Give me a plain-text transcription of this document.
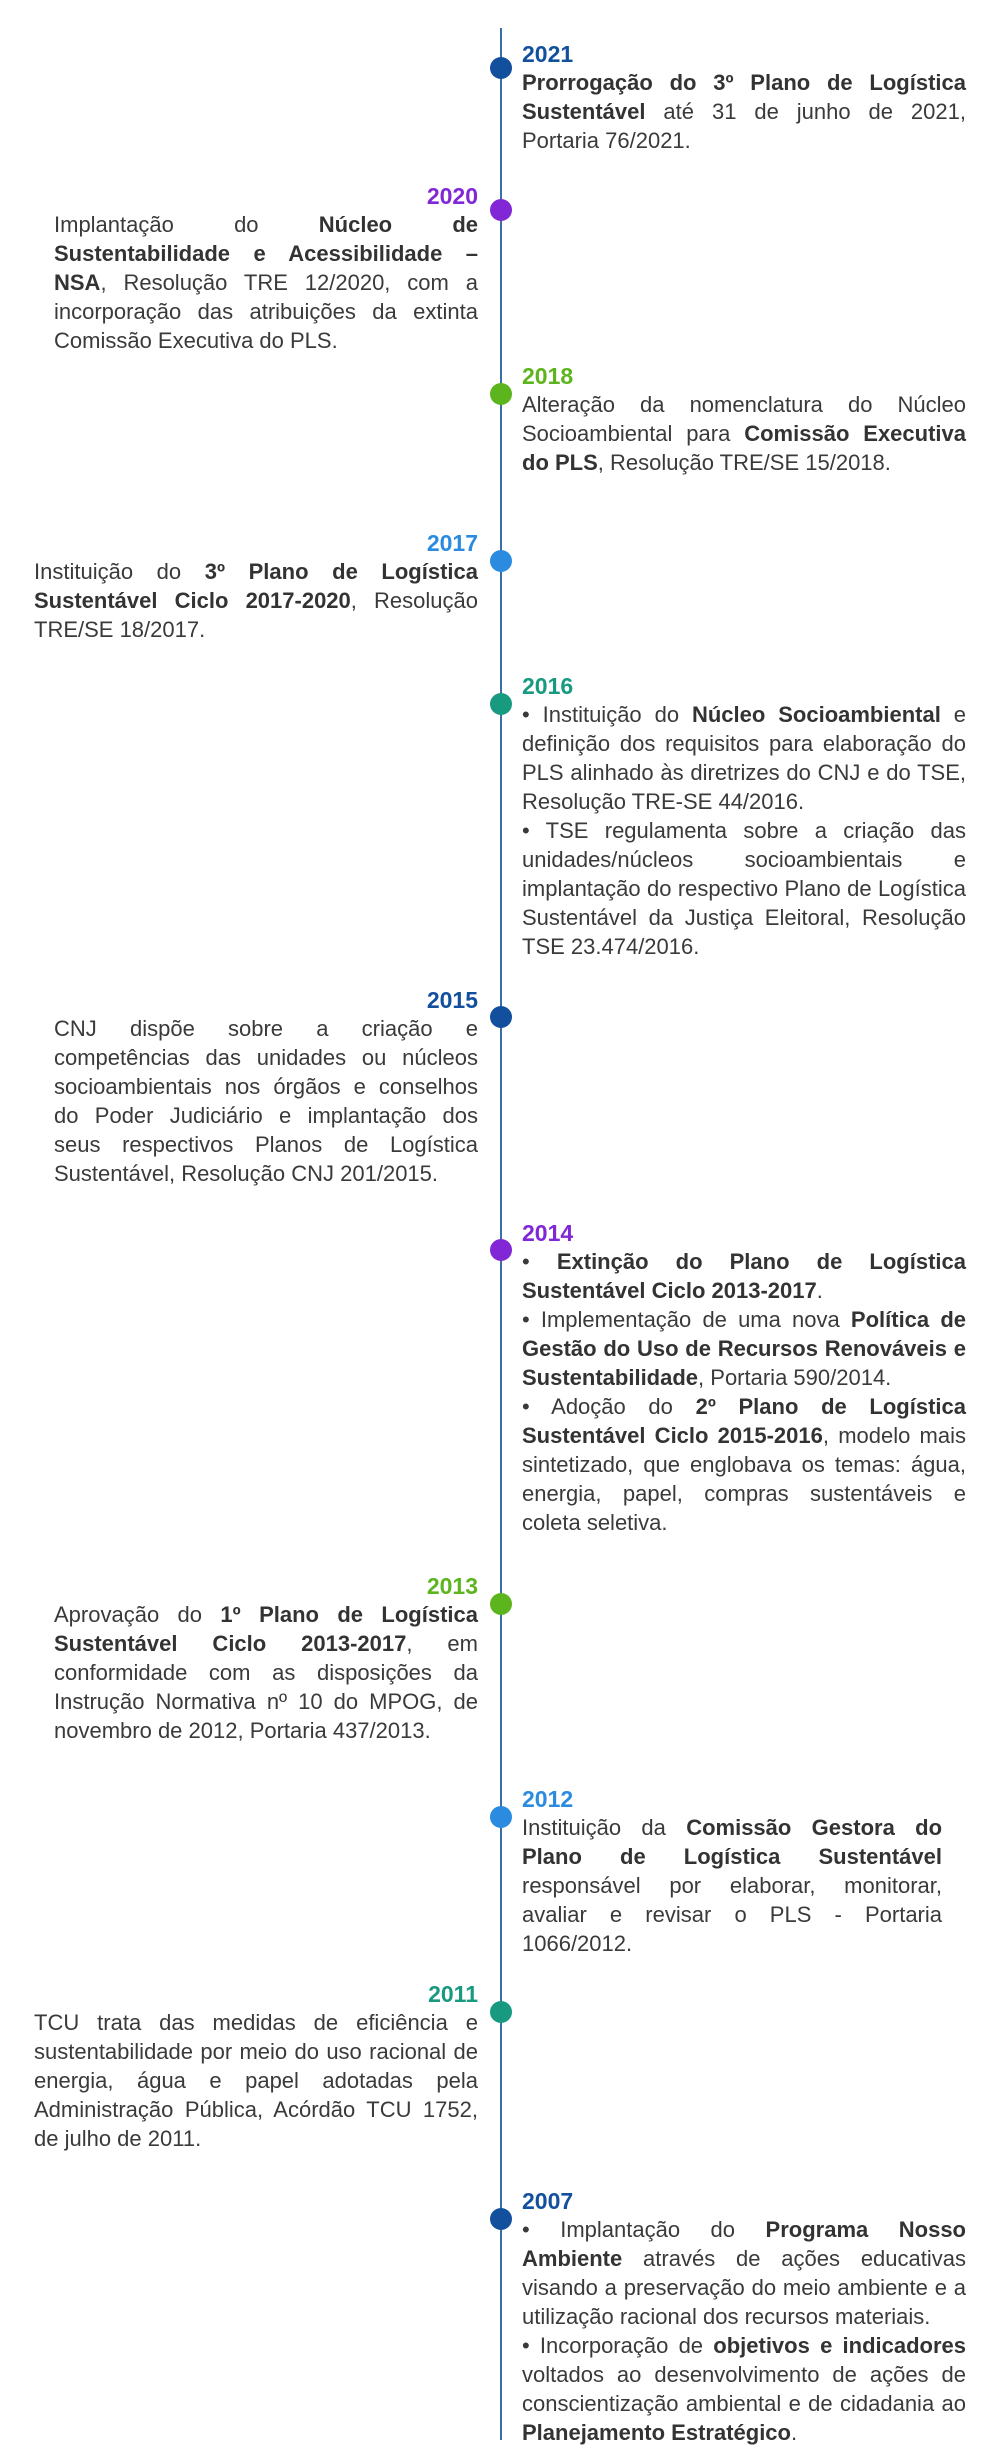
2021

Prorrogação do 3º Plano de Logística Sustentável até 31 de junho de 2021, Portaria 76/2021.

2020

Implantação do Núcleo de Sustentabilidade e Acessibilidade – NSA, Resolução TRE 12/2020, com a incorporação das atribuições da extinta Comissão Executiva do PLS.

2018

Alteração da nomenclatura do Núcleo Socioambiental para Comissão Executiva do PLS, Resolução TRE/SE 15/2018.

2017

Instituição do 3º Plano de Logística Sustentável Ciclo 2017-2020, Resolução TRE/SE 18/2017.

2016

• Instituição do Núcleo Socioambiental e definição dos requisitos para elaboração do PLS alinhado às diretrizes do CNJ e do TSE, Resolução TRE-SE 44/2016.

• TSE regulamenta sobre a criação das unidades/núcleos socioambientais e implantação do respectivo Plano de Logística Sustentável da Justiça Eleitoral, Resolução TSE 23.474/2016.

2015

CNJ dispõe sobre a criação e competências das unidades ou núcleos socioambientais nos órgãos e conselhos do Poder Judiciário e implantação dos seus respectivos Planos de Logística Sustentável, Resolução CNJ 201/2015.

2014

• Extinção do Plano de Logística Sustentável Ciclo 2013-2017.

• Implementação de uma nova Política de Gestão do Uso de Recursos Renováveis e Sustentabilidade, Portaria 590/2014.

• Adoção do 2º Plano de Logística Sustentável Ciclo 2015-2016, modelo mais sintetizado, que englobava os temas: água, energia, papel, compras sustentáveis e coleta seletiva.

2013

Aprovação do 1º Plano de Logística Sustentável Ciclo 2013-2017, em conformidade com as disposições da Instrução Normativa nº 10 do MPOG, de novembro de 2012, Portaria 437/2013.

2012

Instituição da Comissão Gestora do Plano de Logística Sustentável responsável por elaborar, monitorar, avaliar e revisar o PLS - Portaria 1066/2012.

2011

TCU trata das medidas de eficiência e sustentabilidade por meio do uso racional de energia, água e papel adotadas pela Administração Pública, Acórdão TCU 1752, de julho de 2011.

2007

• Implantação do Programa Nosso Ambiente através de ações educativas visando a preservação do meio ambiente e a utilização racional dos recursos materiais.

• Incorporação de objetivos e indicadores voltados ao desenvolvimento de ações de conscientização ambiental e de cidadania ao Planejamento Estratégico.
